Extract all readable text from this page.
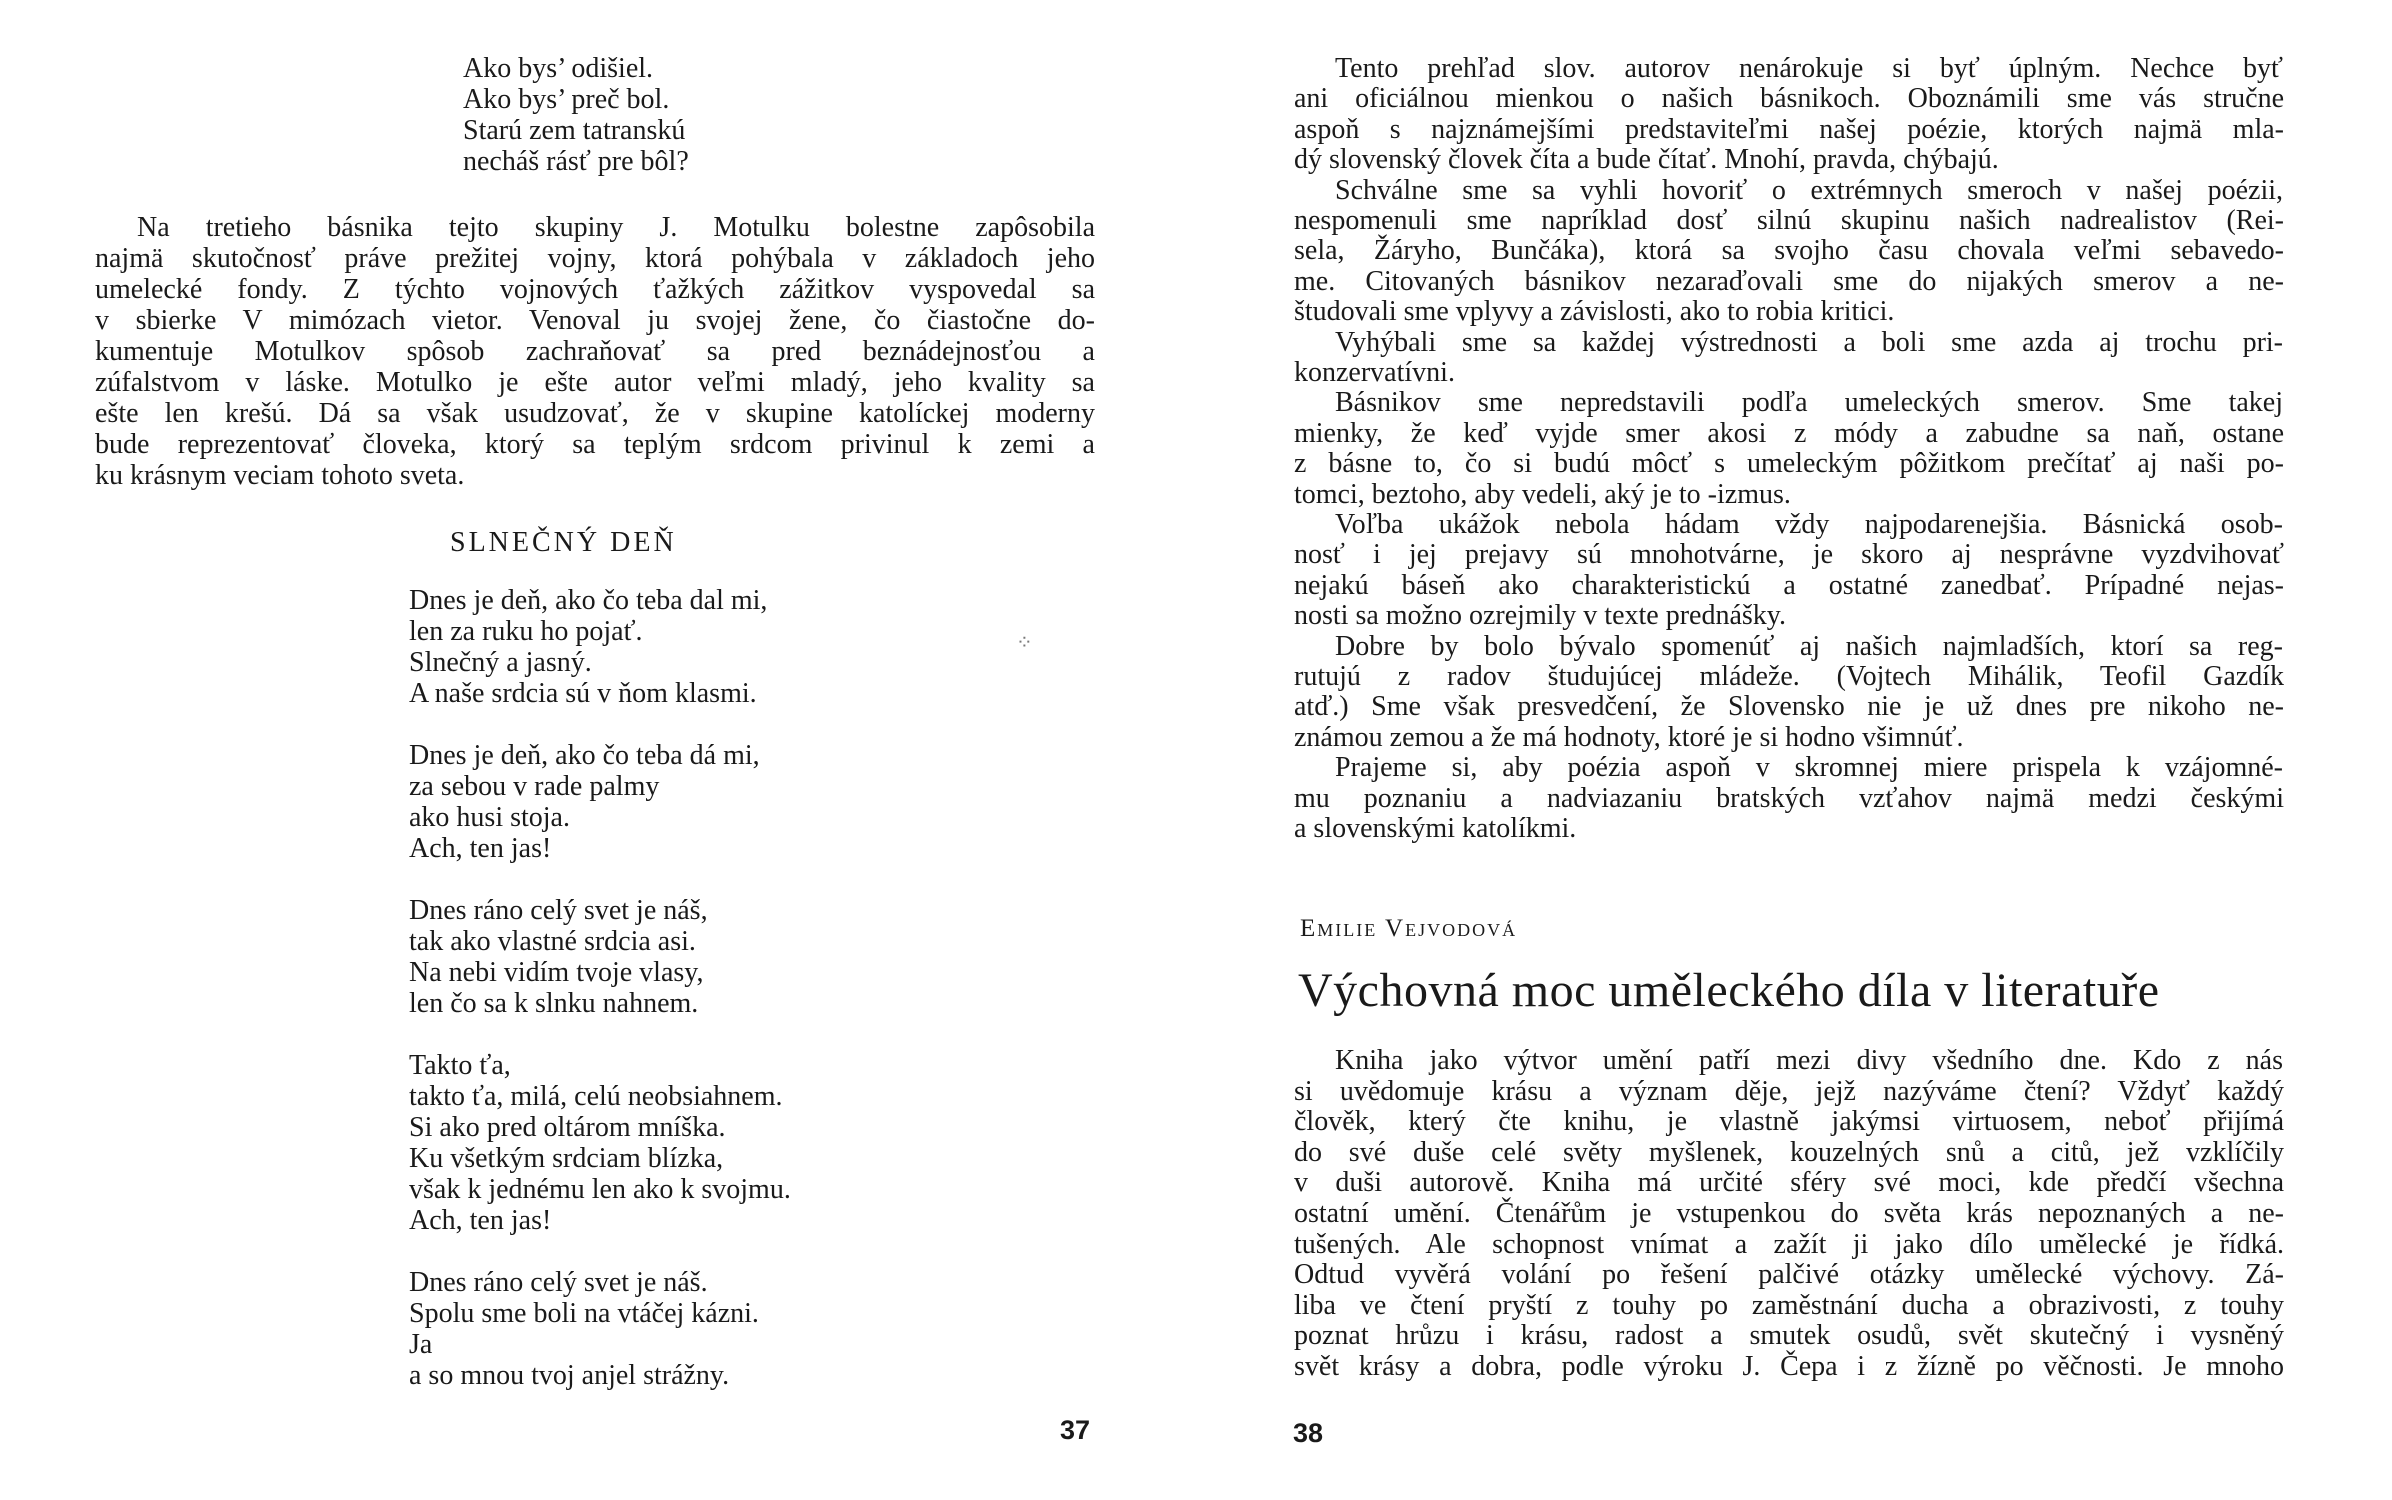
Ako bys’ odišiel.
Ako bys’ preč bol.
Starú zem tatranskú
necháš rásť pre bôl?
Na tretieho básnika tejto skupiny J. Motulku bolestne zapôsobila
najmä skutočnosť práve prežitej vojny, ktorá pohýbala v základoch jeho
umelecké fondy. Z týchto vojnových ťažkých zážitkov vyspovedal sa
v sbierke V mimózach vietor. Venoval ju svojej žene, čo čiastočne do-
kumentuje Motulkov spôsob zachraňovať sa pred beznádejnosťou a
zúfalstvom v láske. Motulko je ešte autor veľmi mladý, jeho kvality sa
ešte len krešú. Dá sa však usudzovať, že v skupine katolíckej moderny
bude reprezentovať človeka, ktorý sa teplým srdcom privinul k zemi a
ku krásnym veciam tohoto sveta.
SLNEČNÝ DEŇ
Dnes je deň, ako čo teba dal mi,
len za ruku ho pojať.
Slnečný a jasný.
A naše srdcia sú v ňom klasmi.
Dnes je deň, ako čo teba dá mi,
za sebou v rade palmy
ako husi stoja.
Ach, ten jas!
Dnes ráno celý svet je náš,
tak ako vlastné srdcia asi.
Na nebi vidím tvoje vlasy,
len čo sa k slnku nahnem.
Takto ťa,
takto ťa, milá, celú neobsiahnem.
Si ako pred oltárom mníška.
Ku všetkým srdciam blízka,
však k jednému len ako k svojmu.
Ach, ten jas!
Dnes ráno celý svet je náš.
Spolu sme boli na vtáčej kázni.
Ja
a so mnou tvoj anjel strážny.
37
⁘
Tento prehľad slov. autorov nenárokuje si byť úplným. Nechce byť
ani oficiálnou mienkou o našich básnikoch. Oboznámili sme vás stručne
aspoň s najznámejšími predstaviteľmi našej poézie, ktorých najmä mla-
dý slovenský človek číta a bude čítať. Mnohí, pravda, chýbajú.
Schválne sme sa vyhli hovoriť o extrémnych smeroch v našej poézii,
nespomenuli sme napríklad dosť silnú skupinu našich nadrealistov (Rei-
sela, Žáryho, Bunčáka), ktorá sa svojho času chovala veľmi sebavedo-
me. Citovaných básnikov nezaraďovali sme do nijakých smerov a ne-
študovali sme vplyvy a závislosti, ako to robia kritici.
Vyhýbali sme sa každej výstrednosti a boli sme azda aj trochu pri-
konzervatívni.
Básnikov sme nepredstavili podľa umeleckých smerov. Sme takej
mienky, že keď vyjde smer akosi z módy a zabudne sa naň, ostane
z básne to, čo si budú môcť s umeleckým pôžitkom prečítať aj naši po-
tomci, beztoho, aby vedeli, aký je to -izmus.
Voľba ukážok nebola hádam vždy najpodarenejšia. Básnická osob-
nosť i jej prejavy sú mnohotvárne, je skoro aj nesprávne vyzdvihovať
nejakú báseň ako charakteristickú a ostatné zanedbať. Prípadné nejas-
nosti sa možno ozrejmily v texte prednášky.
Dobre by bolo bývalo spomenúť aj našich najmladších, ktorí sa reg-
rutujú z radov študujúcej mládeže. (Vojtech Mihálik, Teofil Gazdík
atď.) Sme však presvedčení, že Slovensko nie je už dnes pre nikoho ne-
známou zemou a že má hodnoty, ktoré je si hodno všimnúť.
Prajeme si, aby poézia aspoň v skromnej miere prispela k vzájomné-
mu poznaniu a nadviazaniu bratských vzťahov najmä medzi českými
a slovenskými katolíkmi.
Emilie Vejvodová
Výchovná moc uměleckého díla v literatuře
Kniha jako výtvor umění patří mezi divy všedního dne. Kdo z nás
si uvědomuje krásu a význam děje, jejž nazýváme čtení? Vždyť každý
člověk, který čte knihu, je vlastně jakýmsi virtuosem, neboť přijímá
do své duše celé světy myšlenek, kouzelných snů a citů, jež vzklíčily
v duši autorově. Kniha má určité sféry své moci, kde předčí všechna
ostatní umění. Čtenářům je vstupenkou do světa krás nepoznaných a ne-
tušených. Ale schopnost vnímat a zažít ji jako dílo umělecké je řídká.
Odtud vyvěrá volání po řešení palčivé otázky umělecké výchovy. Zá-
liba ve čtení pryští z touhy po zaměstnání ducha a obrazivosti, z touhy
poznat hrůzu i krásu, radost a smutek osudů, svět skutečný i vysněný
svět krásy a dobra, podle výroku J. Čepa i z žízně po věčnosti. Je mnoho
38
